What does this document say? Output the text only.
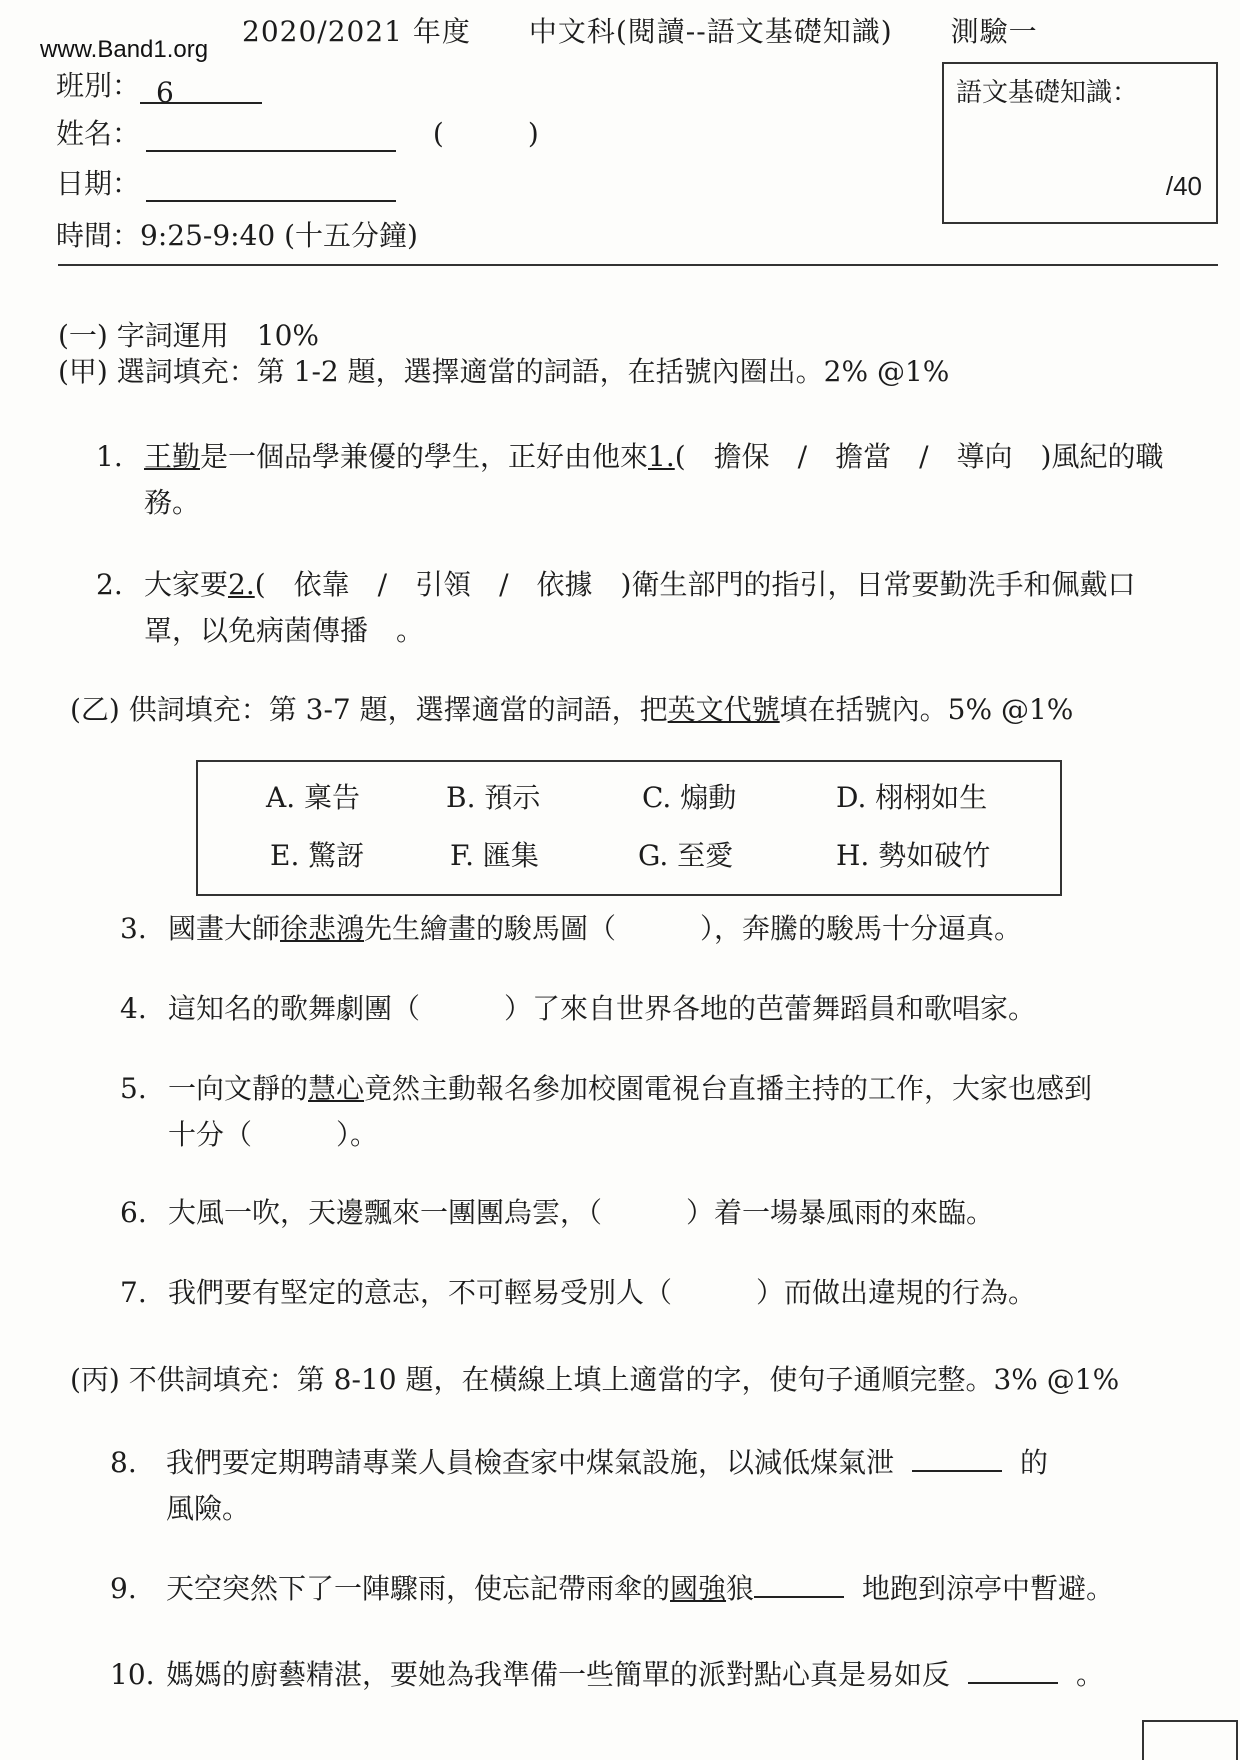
www.Band1.org
2020/2021 年度　　中文科(閱讀--語文基礎知識)　　測驗一
班別： 6
姓名：	(　　　)
日期：
時間：9:25-9:40 (十五分鐘)
語文基礎知識：
/40
(一) 字詞運用　10%
(甲) 選詞填充：第 1-2 題，選擇適當的詞語，在括號內圈出。2% @1%
1. 王勤是一個品學兼優的學生，正好由他來1.(　擔保　/　擔當　/　導向　)風紀的職
務。
2. 大家要2.(　依靠　/　引領　/　依據　)衛生部門的指引，日常要勤洗手和佩戴口
罩，以免病菌傳播　。
(乙) 供詞填充：第 3-7 題，選擇適當的詞語，把英文代號填在括號內。5% @1%
A. 稟告	B. 預示	C. 煽動	D. 栩栩如生
E. 驚訝	F. 匯集	G. 至愛	H. 勢如破竹
3. 國畫大師徐悲鴻先生繪畫的駿馬圖（　　　），奔騰的駿馬十分逼真。
4. 這知名的歌舞劇團（　　　）了來自世界各地的芭蕾舞蹈員和歌唱家。
5. 一向文靜的慧心竟然主動報名參加校園電視台直播主持的工作，大家也感到
十分（　　　）。
6. 大風一吹，天邊飄來一團團烏雲，（　　　）着一場暴風雨的來臨。
7. 我們要有堅定的意志，不可輕易受別人（　　　）而做出違規的行為。
(丙) 不供詞填充：第 8-10 題，在橫線上填上適當的字，使句子通順完整。3% @1%
8. 我們要定期聘請專業人員檢查家中煤氣設施，以減低煤氣泄	的
風險。
9. 天空突然下了一陣驟雨，使忘記帶雨傘的國強狼	地跑到涼亭中暫避。
10. 媽媽的廚藝精湛，要她為我準備一些簡單的派對點心真是易如反	。
